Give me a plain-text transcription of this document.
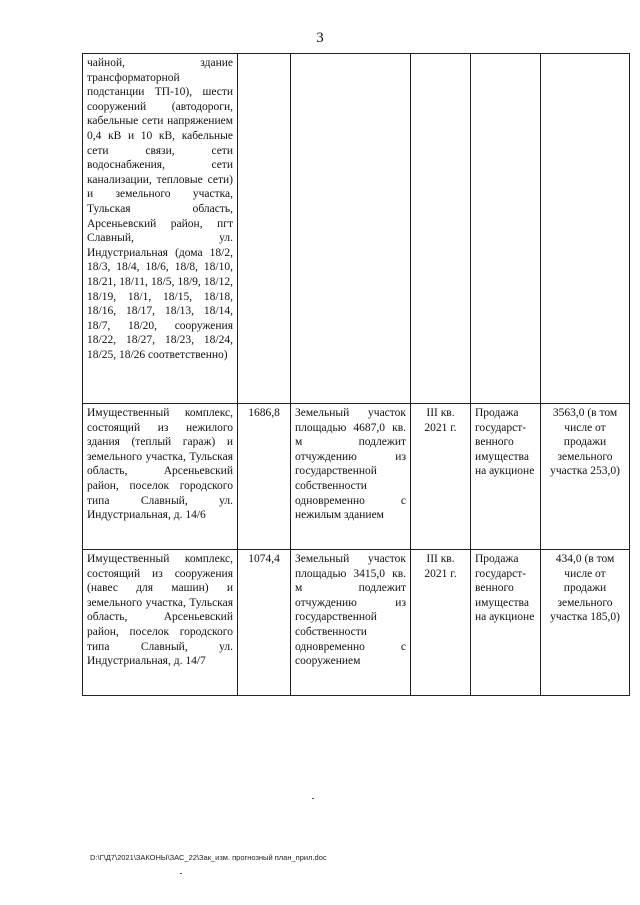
3
чайной, здание трансформаторной подстанции ТП-10), шести сооружений (автодороги, кабельные сети напряжением 0,4 кВ и 10 кВ, кабельные сети связи, сети водоснабжения, сети канализации, тепловые сети) и земельного участка, Тульская область, Арсеньевский район, пгт Славный, ул. Индустриальная (дома 18/2, 18/3, 18/4, 18/6, 18/8, 18/10, 18/21, 18/11, 18/5, 18/9, 18/12, 18/19, 18/1, 18/15, 18/18, 18/16, 18/17, 18/13, 18/14, 18/7, 18/20, сооружения 18/22, 18/27, 18/23, 18/24, 18/25, 18/26 соответственно)					
Имущественный комплекс, состоящий из нежилого здания (теплый гараж) и земельного участка, Тульская область, Арсеньевский район, поселок городского типа Славный, ул. Индустриальная, д. 14/6	1686,8	Земельный участок площадью 4687,0 кв. м подлежит отчуждению из государственной собственности одновременно с нежилым зданием	III кв. 2021 г.	Продажа государст-венного имущества на аукционе	3563,0 (в том числе от продажи земельного участка 253,0)
Имущественный комплекс, состоящий из сооружения (навес для машин) и земельного участка, Тульская область, Арсеньевский район, поселок городского типа Славный, ул. Индустриальная, д. 14/7	1074,4	Земельный участок площадью 3415,0 кв. м подлежит отчуждению из государственной собственности одновременно с сооружением	III кв. 2021 г.	Продажа государст-венного имущества на аукционе	434,0 (в том числе от продажи земельного участка 185,0)
D:\Г\Д7\2021\ЗАКОНЫ\ЗАС_22\Зак_изм. прогнозный план_прил.doc
